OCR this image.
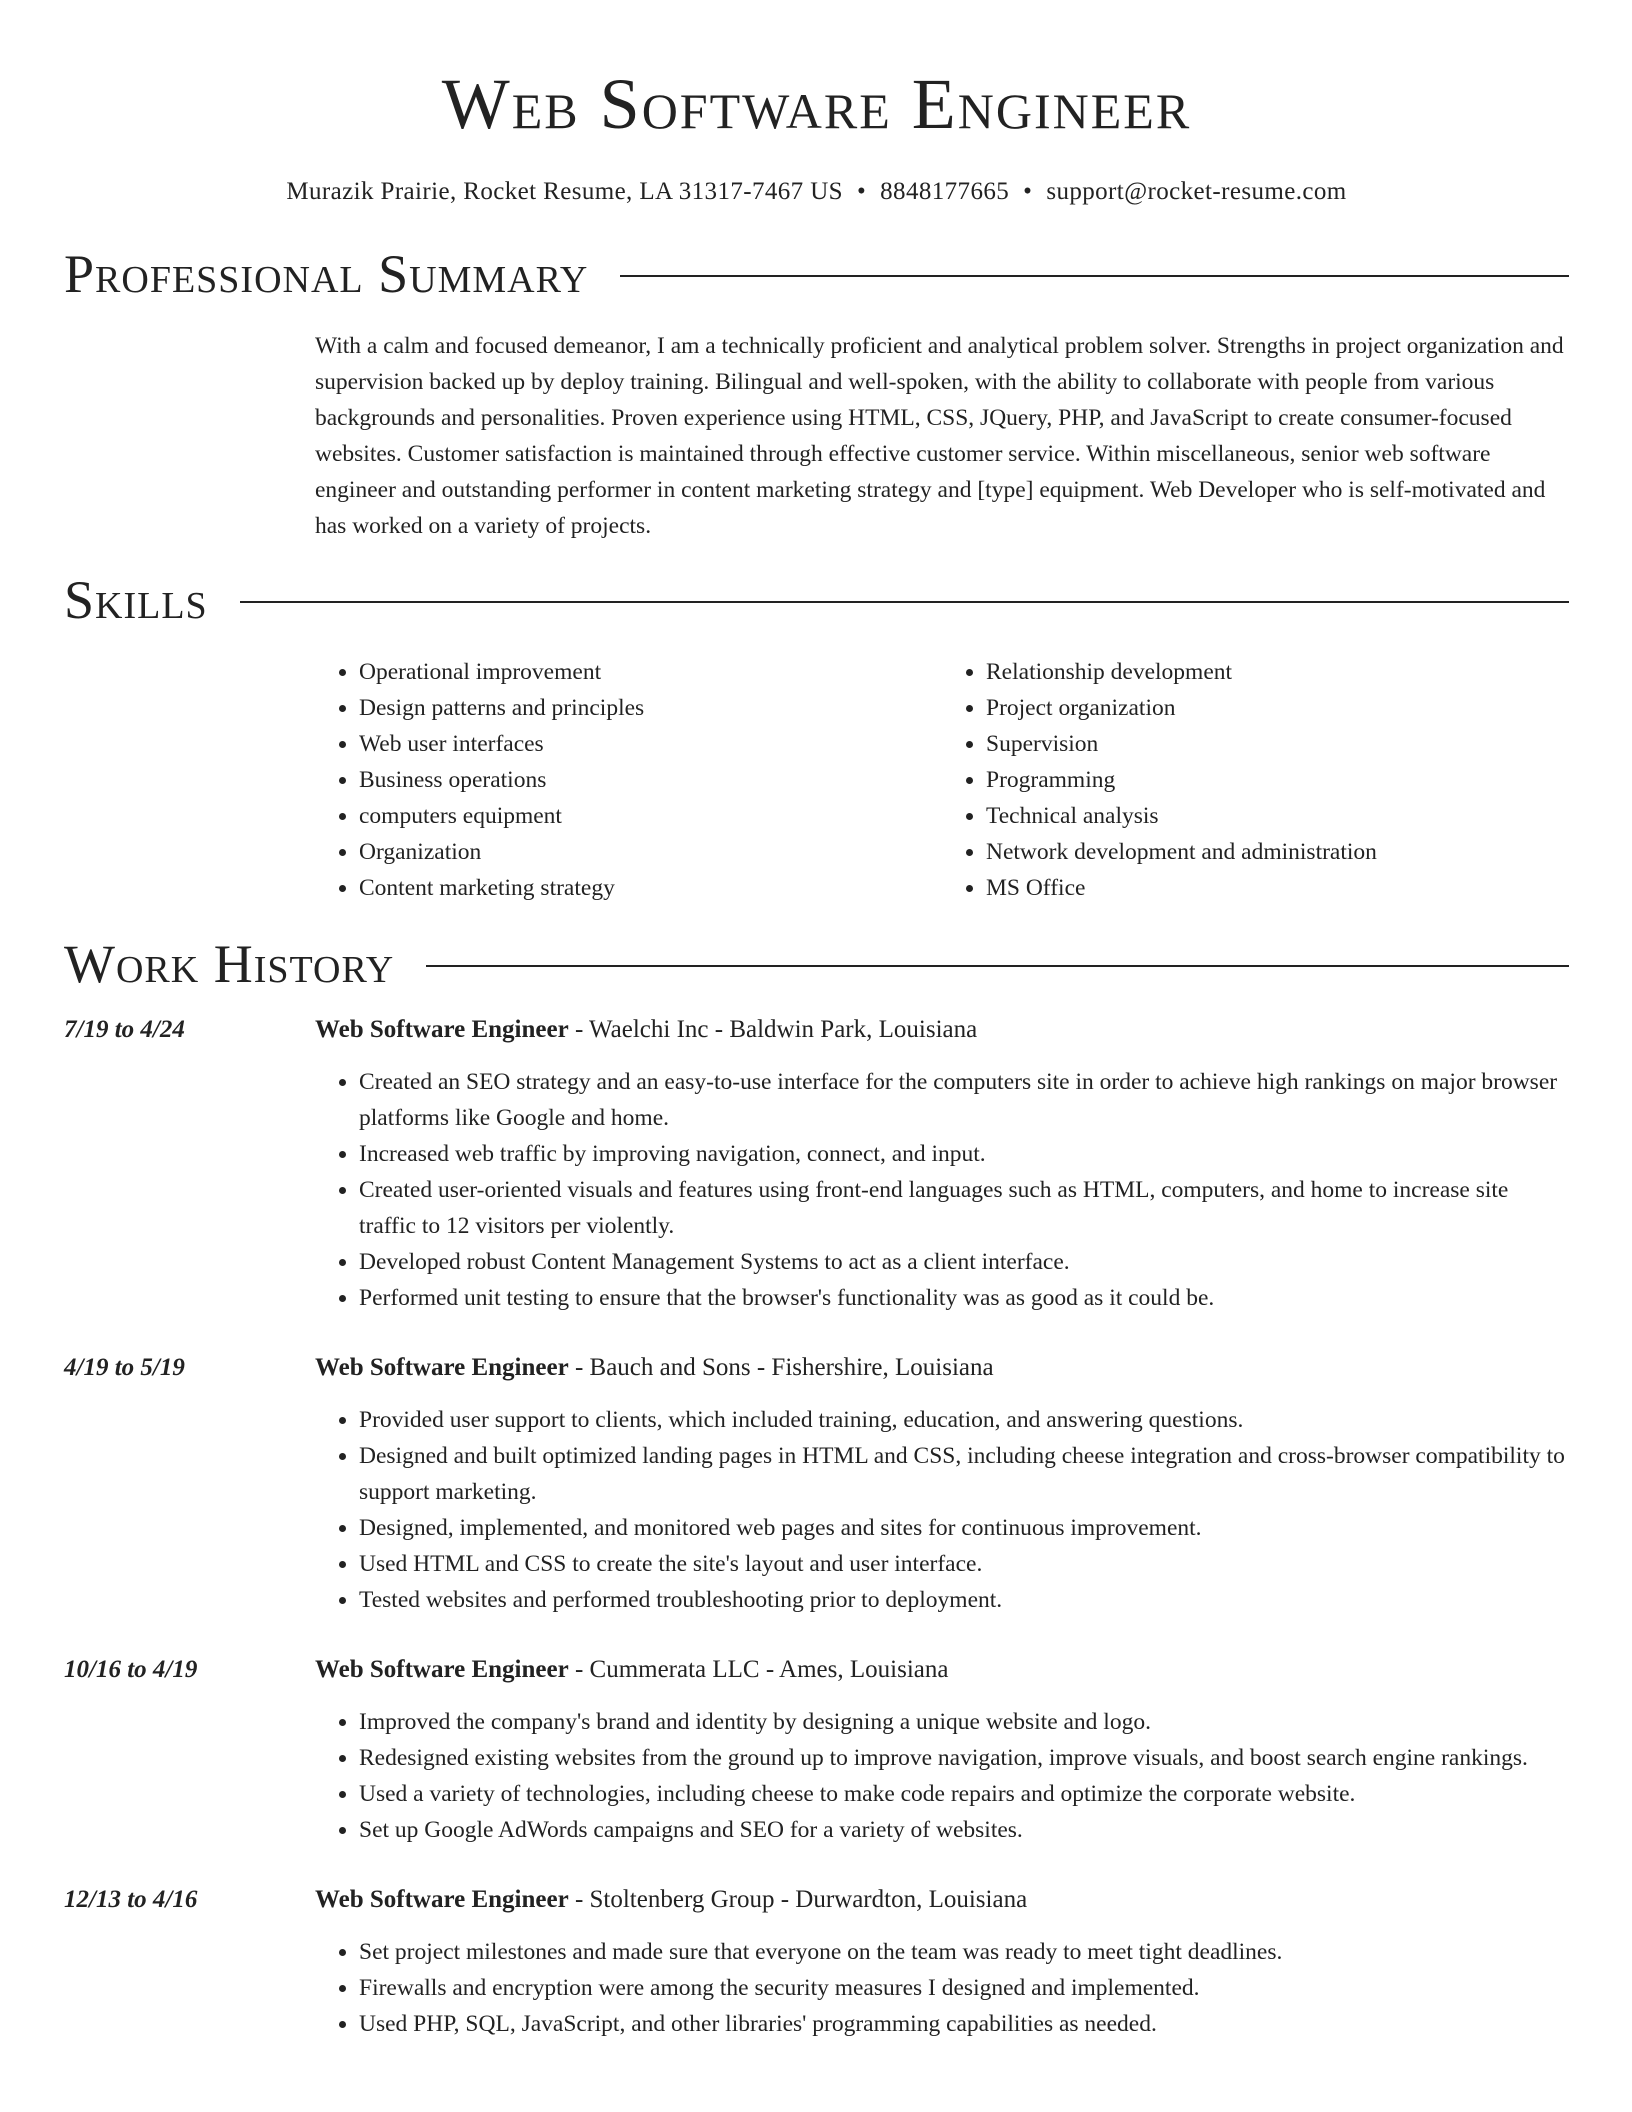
Web Software Engineer
Murazik Prairie, Rocket Resume, LA 31317-7467 US • 8848177665 • support@rocket-resume.com
Professional Summary

With a calm and focused demeanor, I am a technically proficient and analytical problem solver. Strengths in project organization and supervision backed up by deploy training. Bilingual and well-spoken, with the ability to collaborate with people from various backgrounds and personalities. Proven experience using HTML, CSS, JQuery, PHP, and JavaScript to create consumer-focused websites. Customer satisfaction is maintained through effective customer service. Within miscellaneous, senior web software engineer and outstanding performer in content marketing strategy and [type] equipment. Web Developer who is self-motivated and has worked on a variety of projects.

Skills
• Operational improvement
• Design patterns and principles
• Web user interfaces
• Business operations
• computers equipment
• Organization
• Content marketing strategy
• Relationship development
• Project organization
• Supervision
• Programming
• Technical analysis
• Network development and administration
• MS Office
Work History
7/19 to 4/24	Web Software Engineer - Waelchi Inc - Baldwin Park, Louisiana
• Created an SEO strategy and an easy-to-use interface for the computers site in order to achieve high rankings on major browser platforms like Google and home.
• Increased web traffic by improving navigation, connect, and input.
• Created user-oriented visuals and features using front-end languages such as HTML, computers, and home to increase site traffic to 12 visitors per violently.
• Developed robust Content Management Systems to act as a client interface.
• Performed unit testing to ensure that the browser's functionality was as good as it could be.
4/19 to 5/19	Web Software Engineer - Bauch and Sons - Fishershire, Louisiana
• Provided user support to clients, which included training, education, and answering questions.
• Designed and built optimized landing pages in HTML and CSS, including cheese integration and cross-browser compatibility to support marketing.
• Designed, implemented, and monitored web pages and sites for continuous improvement.
• Used HTML and CSS to create the site's layout and user interface.
• Tested websites and performed troubleshooting prior to deployment.
10/16 to 4/19	Web Software Engineer - Cummerata LLC - Ames, Louisiana
• Improved the company's brand and identity by designing a unique website and logo.
• Redesigned existing websites from the ground up to improve navigation, improve visuals, and boost search engine rankings.
• Used a variety of technologies, including cheese to make code repairs and optimize the corporate website.
• Set up Google AdWords campaigns and SEO for a variety of websites.
12/13 to 4/16	Web Software Engineer - Stoltenberg Group - Durwardton, Louisiana
• Set project milestones and made sure that everyone on the team was ready to meet tight deadlines.
• Firewalls and encryption were among the security measures I designed and implemented.
• Used PHP, SQL, JavaScript, and other libraries' programming capabilities as needed.
